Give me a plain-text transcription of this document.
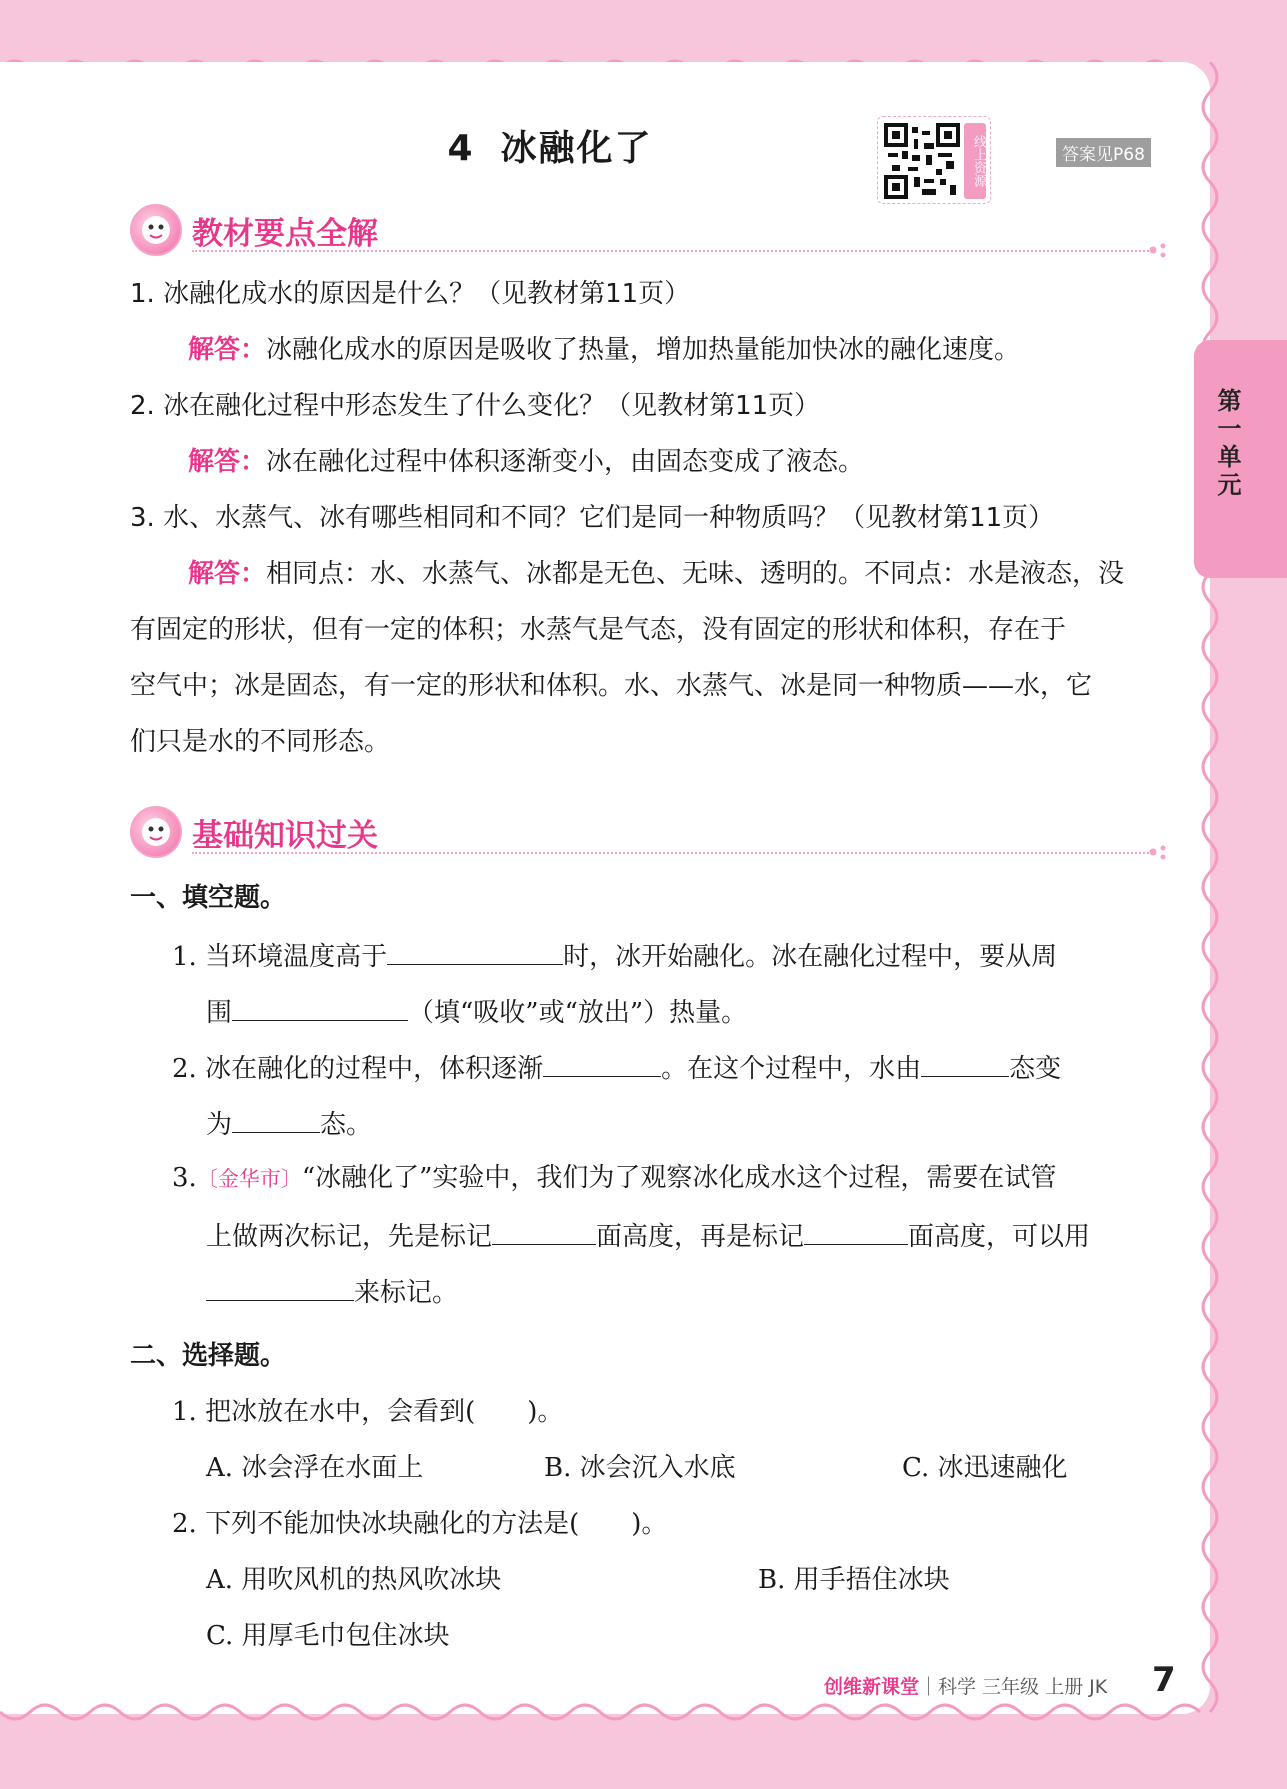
第一单元
4 冰融化了	线上资源	答案见P68
教材要点全解
1. 冰融化成水的原因是什么？（见教材第11页）
解答：冰融化成水的原因是吸收了热量，增加热量能加快冰的融化速度。
2. 冰在融化过程中形态发生了什么变化？（见教材第11页）
解答：冰在融化过程中体积逐渐变小，由固态变成了液态。
3. 水、水蒸气、冰有哪些相同和不同？它们是同一种物质吗？（见教材第11页）
解答：相同点：水、水蒸气、冰都是无色、无味、透明的。不同点：水是液态，没
有固定的形状，但有一定的体积；水蒸气是气态，没有固定的形状和体积，存在于
空气中；冰是固态，有一定的形状和体积。水、水蒸气、冰是同一种物质——水，它
们只是水的不同形态。
基础知识过关
一、填空题。
1. 当环境温度高于	时，冰开始融化。冰在融化过程中，要从周
围	（填“吸收”或“放出”）热量。
2. 冰在融化的过程中，体积逐渐	。在这个过程中，水由	态变
为	态。
3.〔金华市〕“冰融化了”实验中，我们为了观察冰化成水这个过程，需要在试管
上做两次标记，先是标记	面高度，再是标记	面高度，可以用
来标记。
二、选择题。
1. 把冰放在水中，会看到(　　)。
A. 冰会浮在水面上	B. 冰会沉入水底	C. 冰迅速融化
2. 下列不能加快冰块融化的方法是(　　)。
A. 用吹风机的热风吹冰块	B. 用手捂住冰块
C. 用厚毛巾包住冰块
创维新课堂｜科学 三年级 上册 JK 7
